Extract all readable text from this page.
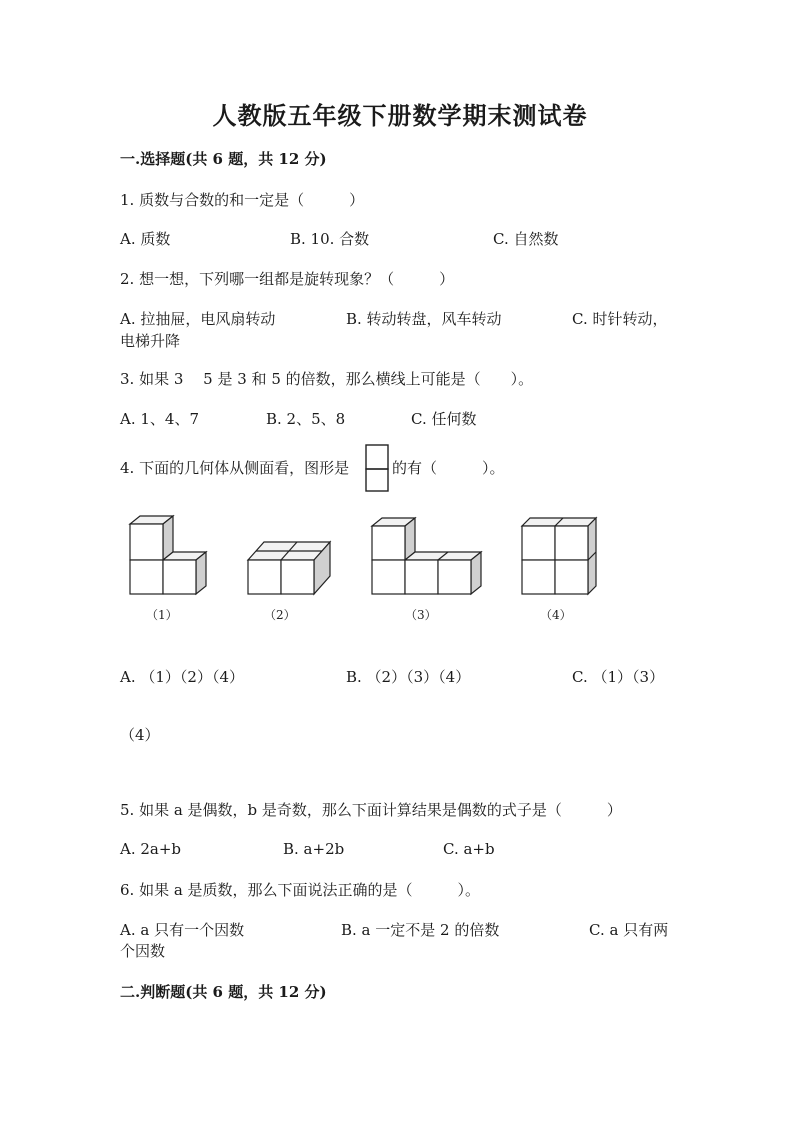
人教版五年级下册数学期末测试卷
一.选择题(共 6 题，共 12 分)
1. 质数与合数的和一定是（　　　）
A. 质数	B. 10. 合数	C. 自然数
2. 想一想，下列哪一组都是旋转现象？（　　　）
A. 拉抽屉，电风扇转动	B. 转动转盘，风车转动	C. 时针转动，
电梯升降
3. 如果 3　 5 是 3 和 5 的倍数，那么横线上可能是（　　）。
A. 1、4、7	B. 2、5、8	C. 任何数
4. 下面的几何体从侧面看，图形是	的有（　　　）。
（1）	（2）	（3）	（4）
A. （1）（2）（4）	B. （2）（3）（4）	C. （1）（3）
（4）
5. 如果 a 是偶数，b 是奇数，那么下面计算结果是偶数的式子是（　　　）
A. 2a+b	B. a+2b	C. a+b
6. 如果 a 是质数，那么下面说法正确的是（　　　）。
A. a 只有一个因数	B. a 一定不是 2 的倍数	C. a 只有两
个因数
二.判断题(共 6 题，共 12 分)
